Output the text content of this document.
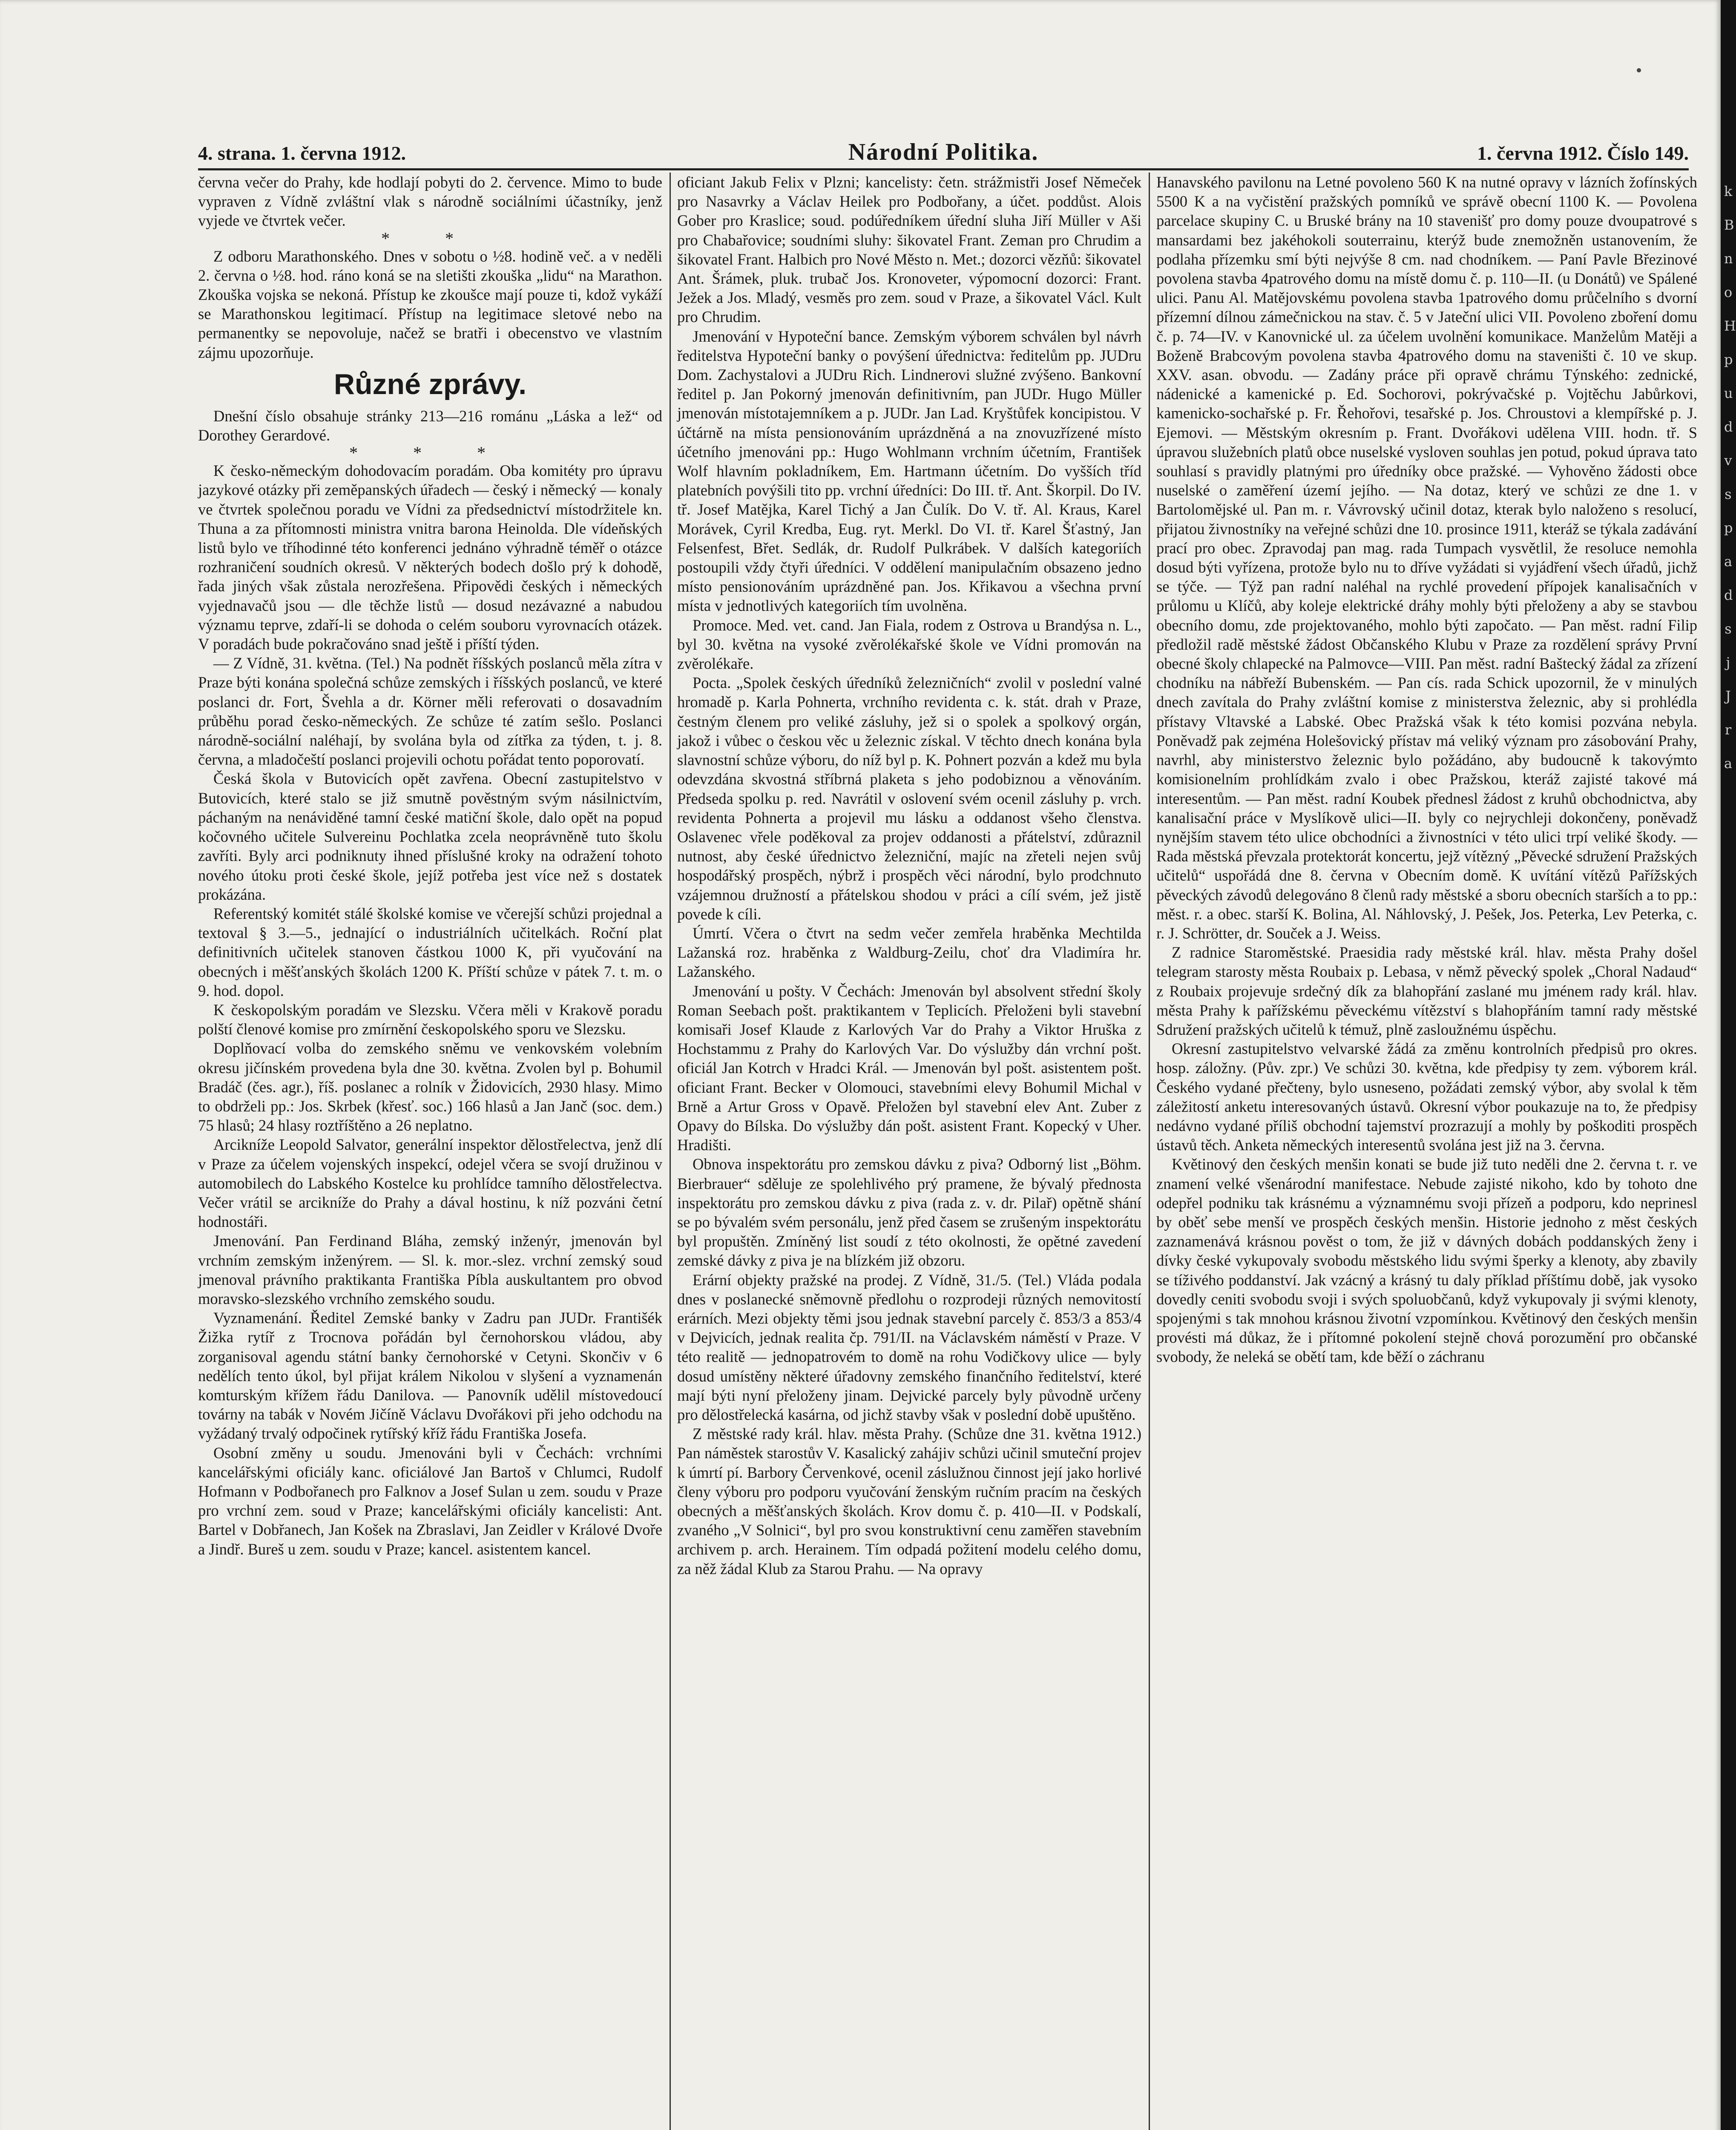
4. strana. 1. června 1912.	Národní Politika.	1. června 1912. Číslo 149.

června večer do Prahy, kde hodlají pobyti do 2. července. Mimo to bude vypraven z Vídně zvláštní vlak s národně sociálními účastníky, jenž vyjede ve čtvrtek večer.

* *

Z odboru Marathonského. Dnes v sobotu o ½8. hodině več. a v neděli 2. června o ½8. hod. ráno koná se na sletišti zkouška „lidu“ na Marathon. Zkouška vojska se nekoná. Přístup ke zkoušce mají pouze ti, kdož vykáží se Marathonskou legitimací. Přístup na legitimace sletové nebo na permanentky se nepovoluje, načež se bratři i obecenstvo ve vlastním zájmu upozorňuje.

Různé zprávy.

Dnešní číslo obsahuje stránky 213—216 románu „Láska a lež“ od Dorothey Gerardové.

* * *

K česko-německým dohodovacím poradám. Oba komitéty pro úpravu jazykové otázky při zeměpanských úřadech — český i německý — konaly ve čtvrtek společnou poradu ve Vídni za předsednictví místodržitele kn. Thuna a za přítomnosti ministra vnitra barona Heinolda. Dle vídeňských listů bylo ve tříhodinné této konferenci jednáno výhradně téměř o otázce rozhraničení soudních okresů. V některých bodech došlo prý k dohodě, řada jiných však zůstala nerozřešena. Připovědi českých i německých vyjednavačů jsou — dle těchže listů — dosud nezávazné a nabudou významu teprve, zdaří-li se dohoda o celém souboru vyrovnacích otázek. V poradách bude pokračováno snad ještě i příští týden.

— Z Vídně, 31. května. (Tel.) Na podnět říšských poslanců měla zítra v Praze býti konána společná schůze zemských i říšských poslanců, ve které poslanci dr. Fort, Švehla a dr. Körner měli referovati o dosavadním průběhu porad česko-německých. Ze schůze té zatím sešlo. Poslanci národně-sociální naléhají, by svolána byla od zítřka za týden, t. j. 8. června, a mladočeští poslanci projevili ochotu pořádat tento poporovatí.

Česká škola v Butovicích opět zavřena. Obecní zastupitelstvo v Butovicích, které stalo se již smutně pověstným svým násilnictvím, páchaným na nenáviděné tamní české matiční škole, dalo opět na popud kočovného učitele Sulvereinu Pochlatka zcela neoprávněně tuto školu zavříti. Byly arci podniknuty ihned příslušné kroky na odražení tohoto nového útoku proti české škole, jejíž potřeba jest více než s dostatek prokázána.

Referentský komitét stálé školské komise ve včerejší schůzi projednal a textoval § 3.—5., jednající o industriálních učitelkách. Roční plat definitivních učitelek stanoven částkou 1000 K, při vyučování na obecných i měšťanských školách 1200 K. Příští schůze v pátek 7. t. m. o 9. hod. dopol.

K českopolským poradám ve Slezsku. Včera měli v Krakově poradu polští členové komise pro zmírnění českopolského sporu ve Slezsku.

Doplňovací volba do zemského sněmu ve venkovském volebním okresu jičínském provedena byla dne 30. května. Zvolen byl p. Bohumil Bradáč (čes. agr.), říš. poslanec a rolník v Židovicích, 2930 hlasy. Mimo to obdrželi pp.: Jos. Skrbek (křesť. soc.) 166 hlasů a Jan Janč (soc. dem.) 75 hlasů; 24 hlasy roztříštěno a 26 neplatno.

Arcikníže Leopold Salvator, generální inspektor dělostřelectva, jenž dlí v Praze za účelem vojenských inspekcí, odejel včera se svojí družinou v automobilech do Labského Kostelce ku prohlídce tamního dělostřelectva. Večer vrátil se arcikníže do Prahy a dával hostinu, k níž pozváni četní hodnostáři.

Jmenování. Pan Ferdinand Bláha, zemský inženýr, jmenován byl vrchním zemským inženýrem. — Sl. k. mor.-slez. vrchní zemský soud jmenoval právního praktikanta Františka Píbla auskultantem pro obvod moravsko-slezského vrchního zemského soudu.

Vyznamenání. Ředitel Zemské banky v Zadru pan JUDr. Františék Žižka rytíř z Trocnova pořádán byl černohorskou vládou, aby zorganisoval agendu státní banky černohorské v Cetyni. Skončiv v 6 nedělích tento úkol, byl přijat králem Nikolou v slyšení a vyznamenán komturským křížem řádu Danilova. — Panovník udělil místovedoucí továrny na tabák v Novém Jičíně Václavu Dvořákovi při jeho odchodu na vyžádaný trvalý odpočinek rytířský kříž řádu Františka Josefa.

Osobní změny u soudu. Jmenováni byli v Čechách: vrchními kancelářskými oficiály kanc. oficiálové Jan Bartoš v Chlumci, Rudolf Hofmann v Podbořanech pro Falknov a Josef Sulan u zem. soudu v Praze pro vrchní zem. soud v Praze; kancelářskými oficiály kancelisti: Ant. Bartel v Dobřanech, Jan Košek na Zbraslavi, Jan Zeidler v Králové Dvoře a Jindř. Bureš u zem. soudu v Praze; kancel. asistentem kancel.

oficiant Jakub Felix v Plzni; kancelisty: četn. strážmistři Josef Němeček pro Nasavrky a Václav Heilek pro Podbořany, a účet. poddůst. Alois Gober pro Kraslice; soud. podúředníkem úřední sluha Jiří Müller v Aši pro Chabařovice; soudními sluhy: šikovatel Frant. Zeman pro Chrudim a šikovatel Frant. Halbich pro Nové Město n. Met.; dozorci vězňů: šikovatel Ant. Šrámek, pluk. trubač Jos. Kronoveter, výpomocní dozorci: Frant. Ježek a Jos. Mladý, vesměs pro zem. soud v Praze, a šikovatel Václ. Kult pro Chrudim.

Jmenování v Hypoteční bance. Zemským výborem schválen byl návrh ředitelstva Hypoteční banky o povýšení úřednictva: ředitelům pp. JUDru Dom. Zachystalovi a JUDru Rich. Lindnerovi služné zvýšeno. Bankovní ředitel p. Jan Pokorný jmenován definitivním, pan JUDr. Hugo Müller jmenován místotajemníkem a p. JUDr. Jan Lad. Kryštůfek koncipistou. V účtárně na místa pensionováním uprázdněná a na znovuzřízené místo účetního jmenováni pp.: Hugo Wohlmann vrchním účetním, František Wolf hlavním pokladníkem, Em. Hartmann účetním. Do vyšších tříd platebních povýšili tito pp. vrchní úředníci: Do III. tř. Ant. Škorpil. Do IV. tř. Josef Matějka, Karel Tichý a Jan Čulík. Do V. tř. Al. Kraus, Karel Morávek, Cyril Kredba, Eug. ryt. Merkl. Do VI. tř. Karel Šťastný, Jan Felsenfest, Břet. Sedlák, dr. Rudolf Pulkrábek. V dalších kategoriích postoupili vždy čtyři úředníci. V oddělení manipulačním obsazeno jedno místo pensionováním uprázdněné pan. Jos. Křikavou a všechna první místa v jednotlivých kategoriích tím uvolněna.

Promoce. Med. vet. cand. Jan Fiala, rodem z Ostrova u Brandýsa n. L., byl 30. května na vysoké zvěrolékařské škole ve Vídni promován na zvěrolékaře.

Pocta. „Spolek českých úředníků železničních“ zvolil v poslední valné hromadě p. Karla Pohnerta, vrchního revidenta c. k. stát. drah v Praze, čestným členem pro veliké zásluhy, jež si o spolek a spolkový orgán, jakož i vůbec o českou věc u železnic získal. V těchto dnech konána byla slavnostní schůze výboru, do níž byl p. K. Pohnert pozván a kdež mu byla odevzdána skvostná stříbrná plaketa s jeho podobiznou a věnováním. Předseda spolku p. red. Navrátil v oslovení svém ocenil zásluhy p. vrch. revidenta Pohnerta a projevil mu lásku a oddanost všeho členstva. Oslavenec vřele poděkoval za projev oddanosti a přátelství, zdůraznil nutnost, aby české úřednictvo železniční, majíc na zřeteli nejen svůj hospodářský prospěch, nýbrž i prospěch věci národní, bylo prodchnuto vzájemnou družností a přátelskou shodou v práci a cílí svém, jež jistě povede k cíli.

Úmrtí. Včera o čtvrt na sedm večer zemřela hraběnka Mechtilda Lažanská roz. hraběnka z Waldburg-Zeilu, choť dra Vladimíra hr. Lažanského.

Jmenování u pošty. V Čechách: Jmenován byl absolvent střední školy Roman Seebach pošt. praktikantem v Teplicích. Přeloženi byli stavební komisaři Josef Klaude z Karlových Var do Prahy a Viktor Hruška z Hochstammu z Prahy do Karlových Var. Do výslužby dán vrchní pošt. oficiál Jan Kotrch v Hradci Král. — Jmenován byl pošt. asistentem pošt. oficiant Frant. Becker v Olomouci, stavebními elevy Bohumil Michal v Brně a Artur Gross v Opavě. Přeložen byl stavební elev Ant. Zuber z Opavy do Bílska. Do výslužby dán pošt. asistent Frant. Kopecký v Uher. Hradišti.

Obnova inspektorátu pro zemskou dávku z piva? Odborný list „Böhm. Bierbrauer“ sděluje ze spolehlivého prý pramene, že bývalý přednosta inspektorátu pro zemskou dávku z piva (rada z. v. dr. Pilař) opětně shání se po bývalém svém personálu, jenž před časem se zrušeným inspektorátu byl propuštěn. Zmíněný list soudí z této okolnosti, že opětné zavedení zemské dávky z piva je na blízkém již obzoru.

Erární objekty pražské na prodej. Z Vídně, 31./5. (Tel.) Vláda podala dnes v poslanecké sněmovně předlohu o rozprodeji různých nemovitostí erárních. Mezi objekty těmi jsou jednak stavební parcely č. 853/3 a 853/4 v Dejvicích, jednak realita čp. 791/II. na Václavském náměstí v Praze. V této realitě — jednopatrovém to domě na rohu Vodičkovy ulice — byly dosud umístěny některé úřadovny zemského finančního ředitelství, které mají býti nyní přeloženy jinam. Dejvické parcely byly původně určeny pro dělostřelecká kasárna, od jichž stavby však v poslední době upuštěno.

Z městské rady král. hlav. města Prahy. (Schůze dne 31. května 1912.) Pan náměstek starostův V. Kasalický zahájiv schůzi učinil smuteční projev k úmrtí pí. Barbory Červenkové, ocenil záslužnou činnost její jako horlivé členy výboru pro podporu vyučování ženským ručním pracím na českých obecných a měšťanských školách. Krov domu č. p. 410—II. v Podskalí, zvaného „V Solnici“, byl pro svou konstruktivní cenu zaměřen stavebním archivem p. arch. Herainem. Tím odpadá požitení modelu celého domu, za něž žádal Klub za Starou Prahu. — Na opravy

Hanavského pavilonu na Letné povoleno 560 K na nutné opravy v lázních žofínských 5500 K a na vyčistění pražských pomníků ve správě obecní 1100 K. — Povolena parcelace skupiny C. u Bruské brány na 10 stavenišť pro domy pouze dvoupatrové s mansardami bez jakéhokoli souterrainu, kterýž bude znemožněn ustanovením, že podlaha přízemku smí býti nejvýše 8 cm. nad chodníkem. — Paní Pavle Březinové povolena stavba 4patrového domu na místě domu č. p. 110—II. (u Donátů) ve Spálené ulici. Panu Al. Matějovskému povolena stavba 1patrového domu průčelního s dvorní přízemní dílnou zámečnickou na stav. č. 5 v Jateční ulici VII. Povoleno zboření domu č. p. 74—IV. v Kanovnické ul. za účelem uvolnění komunikace. Manželům Matěji a Boženě Brabcovým povolena stavba 4patrového domu na staveništi č. 10 ve skup. XXV. asan. obvodu. — Zadány práce při opravě chrámu Týnského: zednické, nádenické a kamenické p. Ed. Sochorovi, pokrývačské p. Vojtěchu Jabůrkovi, kamenicko-sochařské p. Fr. Řehořovi, tesařské p. Jos. Chroustovi a klempířské p. J. Ejemovi. — Městským okresním p. Frant. Dvořákovi udělena VIII. hodn. tř. S úpravou služebních platů obce nuselské vysloven souhlas jen potud, pokud úprava tato souhlasí s pravidly platnými pro úředníky obce pražské. — Vyhověno žádosti obce nuselské o zaměření území jejího. — Na dotaz, který ve schůzi ze dne 1. v Bartolomějské ul. Pan m. r. Vávrovský učinil dotaz, kterak bylo naloženo s resolucí, přijatou živnostníky na veřejné schůzi dne 10. prosince 1911, kteráž se týkala zadávání prací pro obec. Zpravodaj pan mag. rada Tumpach vysvětlil, že resoluce nemohla dosud býti vyřízena, protože bylo nu to dříve vyžádati si vyjádření všech úřadů, jichž se týče. — Týž pan radní naléhal na rychlé provedení přípojek kanalisačních v průlomu u Klíčů, aby koleje elektrické dráhy mohly býti přeloženy a aby se stavbou obecního domu, zde projektovaného, mohlo býti započato. — Pan měst. radní Filip předložil radě městské žádost Občanského Klubu v Praze za rozdělení správy První obecné školy chlapecké na Palmovce—VIII. Pan měst. radní Baštecký žádal za zřízení chodníku na nábřeží Bubenském. — Pan cís. rada Schick upozornil, že v minulých dnech zavítala do Prahy zvláštní komise z ministerstva železnic, aby si prohlédla přístavy Vltavské a Labské. Obec Pražská však k této komisi pozvána nebyla. Poněvadž pak zejména Holešovický přístav má veliký význam pro zásobování Prahy, navrhl, aby ministerstvo železnic bylo požádáno, aby budoucně k takovýmto komisionelním prohlídkám zvalo i obec Pražskou, kteráž zajisté takové má interesentům. — Pan měst. radní Koubek přednesl žádost z kruhů obchodnictva, aby kanalisační práce v Myslíkově ulici—II. byly co nejrychleji dokončeny, poněvadž nynějším stavem této ulice obchodníci a živnostníci v této ulici trpí veliké škody. — Rada městská převzala protektorát koncertu, jejž vítězný „Pěvecké sdružení Pražských učitelů“ uspořádá dne 8. června v Obecním domě. K uvítání vítězů Pařížských pěveckých závodů delegováno 8 členů rady městské a sboru obecních starších a to pp.: měst. r. a obec. starší K. Bolina, Al. Náhlovský, J. Pešek, Jos. Peterka, Lev Peterka, c. r. J. Schrötter, dr. Souček a J. Weiss.

Z radnice Staroměstské. Praesidia rady městské král. hlav. města Prahy došel telegram starosty města Roubaix p. Lebasa, v němž pěvecký spolek „Choral Nadaud“ z Roubaix projevuje srdečný dík za blahopřání zaslané mu jménem rady král. hlav. města Prahy k pařížskému pěveckému vítězství s blahopřáním tamní rady městské Sdružení pražských učitelů k témuž, plně zasloužnému úspěchu.

Okresní zastupitelstvo velvarské žádá za změnu kontrolních předpisů pro okres. hosp. záložny. (Pův. zpr.) Ve schůzi 30. května, kde předpisy ty zem. výborem král. Českého vydané přečteny, bylo usneseno, požádati zemský výbor, aby svolal k těm záležitostí anketu interesovaných ústavů. Okresní výbor poukazuje na to, že předpisy nedávno vydané příliš obchodní tajemství prozrazují a mohly by poškoditi prospěch ústavů těch. Anketa německých interesentů svolána jest již na 3. června.

Květinový den českých menšin konati se bude již tuto neděli dne 2. června t. r. ve znamení velké všenárodní manifestace. Nebude zajisté nikoho, kdo by tohoto dne odepřel podniku tak krásnému a významnému svoji přízeň a podporu, kdo neprinesl by oběť sebe menší ve prospěch českých menšin. Historie jednoho z měst českých zaznamenává krásnou pověst o tom, že již v dávných dobách poddanských ženy i dívky české vykupovaly svobodu městského lidu svými šperky a klenoty, aby zbavily se tíživého poddanství. Jak vzácný a krásný tu daly příklad příštímu době, jak vysoko dovedly ceniti svobodu svoji i svých spoluobčanů, když vykupovaly ji svými klenoty, spojenými s tak mnohou krásnou životní vzpomínkou. Květinový den českých menšin provésti má důkaz, že i přítomné pokolení stejně chová porozumění pro občanské svobody, že neleká se obětí tam, kde běží o záchranu

k
B
n
o
H
p
u
d
v
s
p
a
d
s
j
J
r
a
